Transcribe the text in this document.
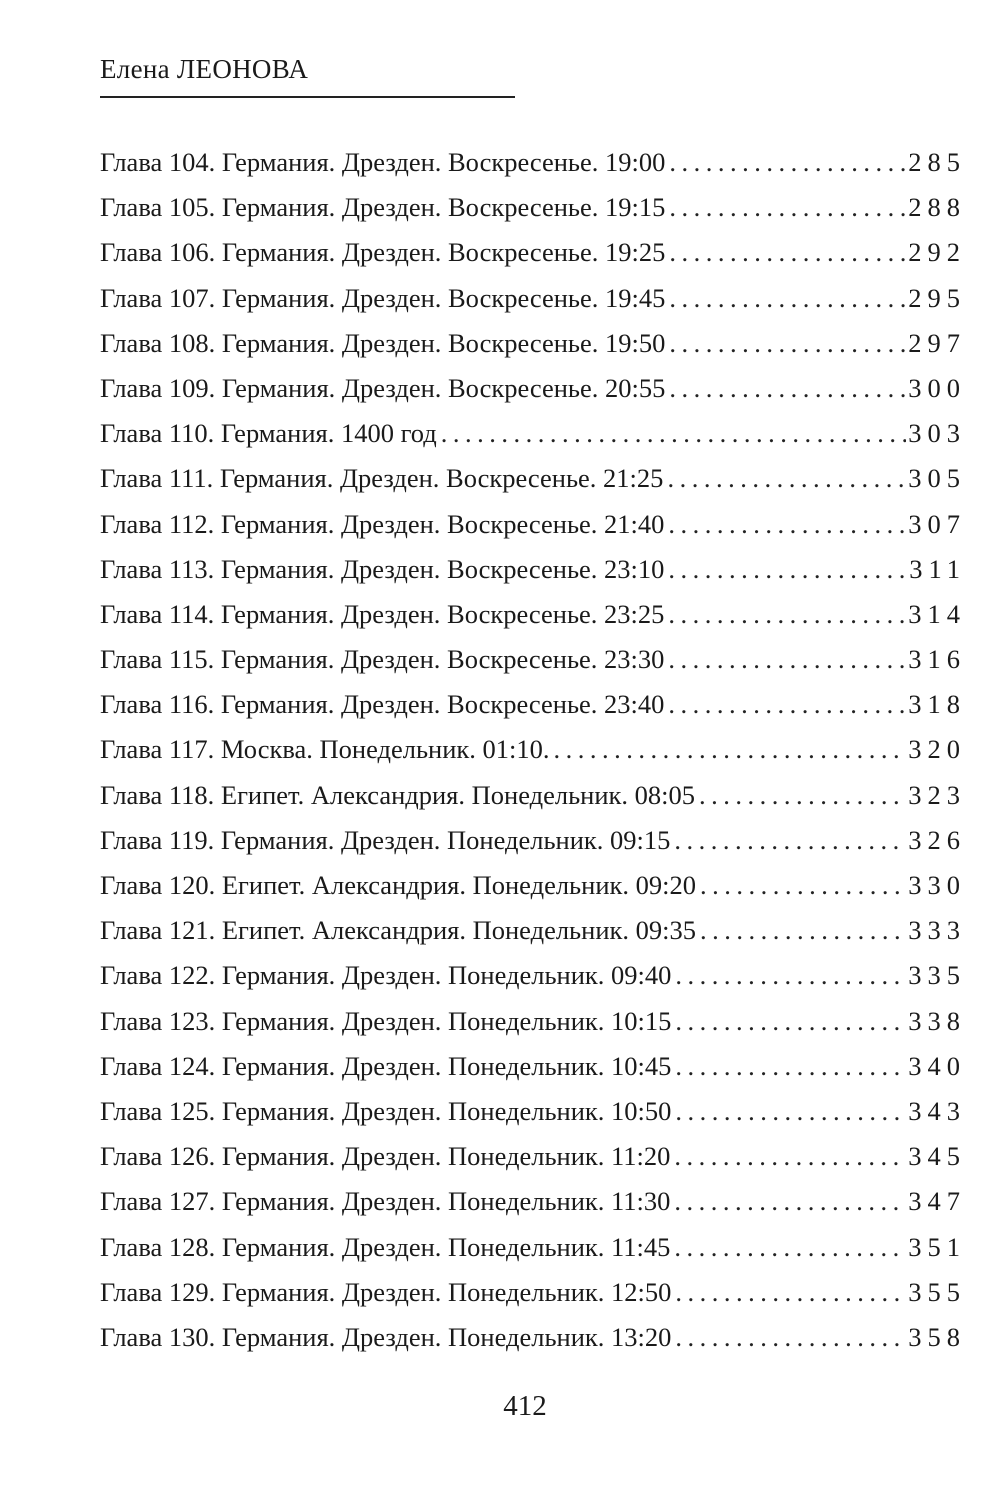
Елена ЛЕОНОВА
Глава 104. Германия. Дрезден. Воскресенье. 19:00 .....	285
Глава 105. Германия. Дрезден. Воскресенье. 19:15 .....	288
Глава 106. Германия. Дрезден. Воскресенье. 19:25 .....	292
Глава 107. Германия. Дрезден. Воскресенье. 19:45 .....	295
Глава 108. Германия. Дрезден. Воскресенье. 19:50 .....	297
Глава 109. Германия. Дрезден. Воскресенье. 20:55 .....	300
Глава 110. Германия. 1400 год .....	303
Глава 111. Германия. Дрезден. Воскресенье. 21:25 .....	305
Глава 112. Германия. Дрезден. Воскресенье. 21:40 .....	307
Глава 113. Германия. Дрезден. Воскресенье. 23:10 .....	311
Глава 114. Германия. Дрезден. Воскресенье. 23:25 .....	314
Глава 115. Германия. Дрезден. Воскресенье. 23:30 .....	316
Глава 116. Германия. Дрезден. Воскресенье. 23:40 .....	318
Глава 117. Москва. Понедельник. 01:10. .....	320
Глава 118. Египет. Александрия. Понедельник. 08:05 .....	323
Глава 119. Германия. Дрезден. Понедельник. 09:15 .....	326
Глава 120. Египет. Александрия. Понедельник. 09:20 .....	330
Глава 121. Египет. Александрия. Понедельник. 09:35 .....	333
Глава 122. Германия. Дрезден. Понедельник. 09:40 .....	335
Глава 123. Германия. Дрезден. Понедельник. 10:15 .....	338
Глава 124. Германия. Дрезден. Понедельник. 10:45 .....	340
Глава 125. Германия. Дрезден. Понедельник. 10:50 .....	343
Глава 126. Германия. Дрезден. Понедельник. 11:20 .....	345
Глава 127. Германия. Дрезден. Понедельник. 11:30 .....	347
Глава 128. Германия. Дрезден. Понедельник. 11:45 .....	351
Глава 129. Германия. Дрезден. Понедельник. 12:50 .....	355
Глава 130. Германия. Дрезден. Понедельник. 13:20 .....	358
412
